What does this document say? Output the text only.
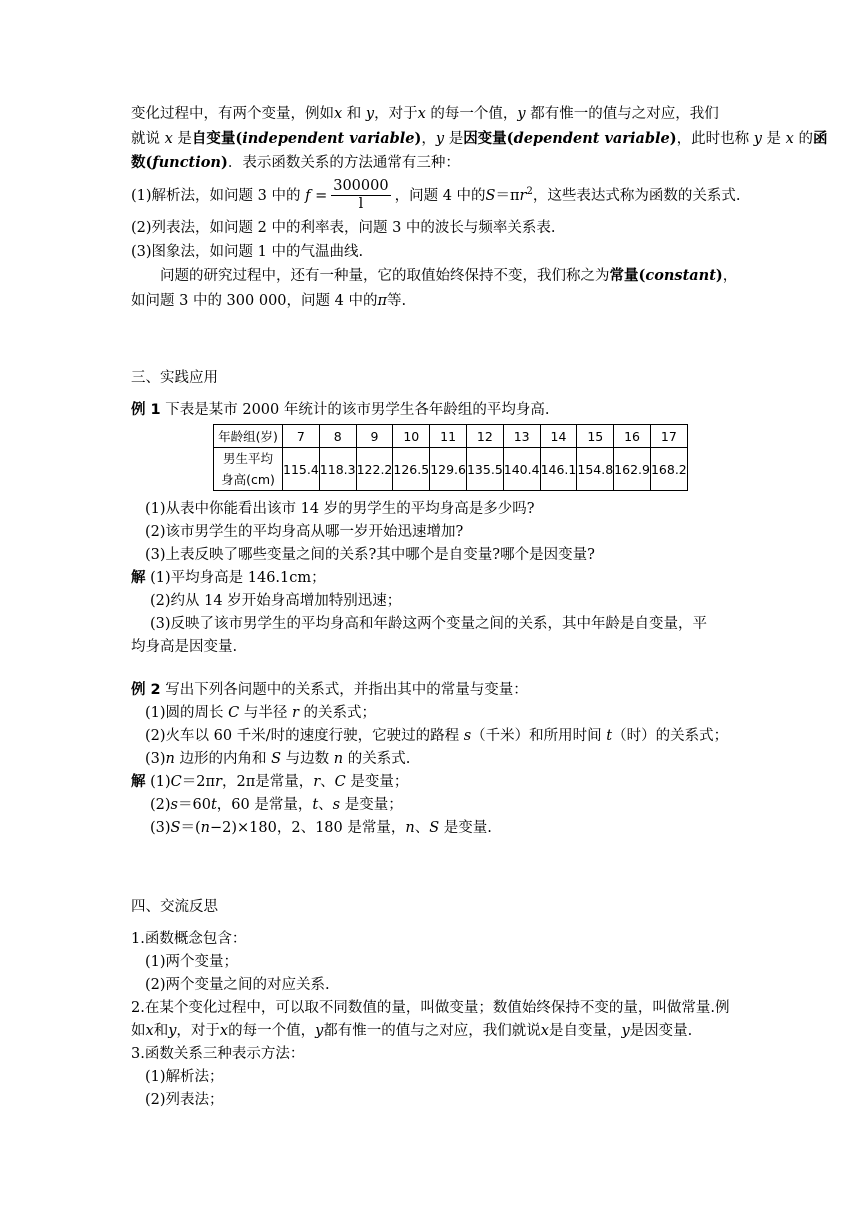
变化过程中，有两个变量，例如x 和 y，对于x 的每一个值，y 都有惟一的值与之对应，我们
就说 x 是自变量(independent variable)，y 是因变量(dependent variable)，此时也称 y 是 x 的函
数(function)．表示函数关系的方法通常有三种：
(1)解析法，如问题 3 中的 $f = \frac{300000}{l}$ ，问题 4 中的$S=\pi r^2$，这些表达式称为函数的关系式.
(2)列表法，如问题 2 中的利率表，问题 3 中的波长与频率关系表.
(3)图象法，如问题 1 中的气温曲线.
问题的研究过程中，还有一种量，它的取值始终保持不变，我们称之为常量(constant)，
如问题 3 中的 300 000，问题 4 中的π等.
三、实践应用
例 1 下表是某市 2000 年统计的该市男学生各年龄组的平均身高.
年龄组(岁)	7	8	9	10	11	12	13	14	15	16	17

男生平均
身高(cm)	115.4	118.3	122.2	126.5	129.6	135.5	140.4	146.1	154.8	162.9	168.2
(1)从表中你能看出该市 14 岁的男学生的平均身高是多少吗?
(2)该市男学生的平均身高从哪一岁开始迅速增加?
(3)上表反映了哪些变量之间的关系?其中哪个是自变量?哪个是因变量?
解 (1)平均身高是 146.1cm；
(2)约从 14 岁开始身高增加特别迅速；
(3)反映了该市男学生的平均身高和年龄这两个变量之间的关系，其中年龄是自变量，平
均身高是因变量.
例 2 写出下列各问题中的关系式，并指出其中的常量与变量：
(1)圆的周长 C 与半径 r 的关系式；
(2)火车以 60 千米/时的速度行驶，它驶过的路程 s（千米）和所用时间 t（时）的关系式；
(3)n 边形的内角和 S 与边数 n 的关系式.
解 (1)C＝2πr，2π是常量，r、C 是变量；
(2)s＝60t，60 是常量，t、s 是变量；
(3)S＝(n−2)×180，2、180 是常量，n、S 是变量.
四、交流反思
1.函数概念包含：
(1)两个变量；
(2)两个变量之间的对应关系.
2.在某个变化过程中，可以取不同数值的量，叫做变量；数值始终保持不变的量，叫做常量.例
如x和y，对于x的每一个值，y都有惟一的值与之对应，我们就说x是自变量，y是因变量.
3.函数关系三种表示方法：
(1)解析法；
(2)列表法；
